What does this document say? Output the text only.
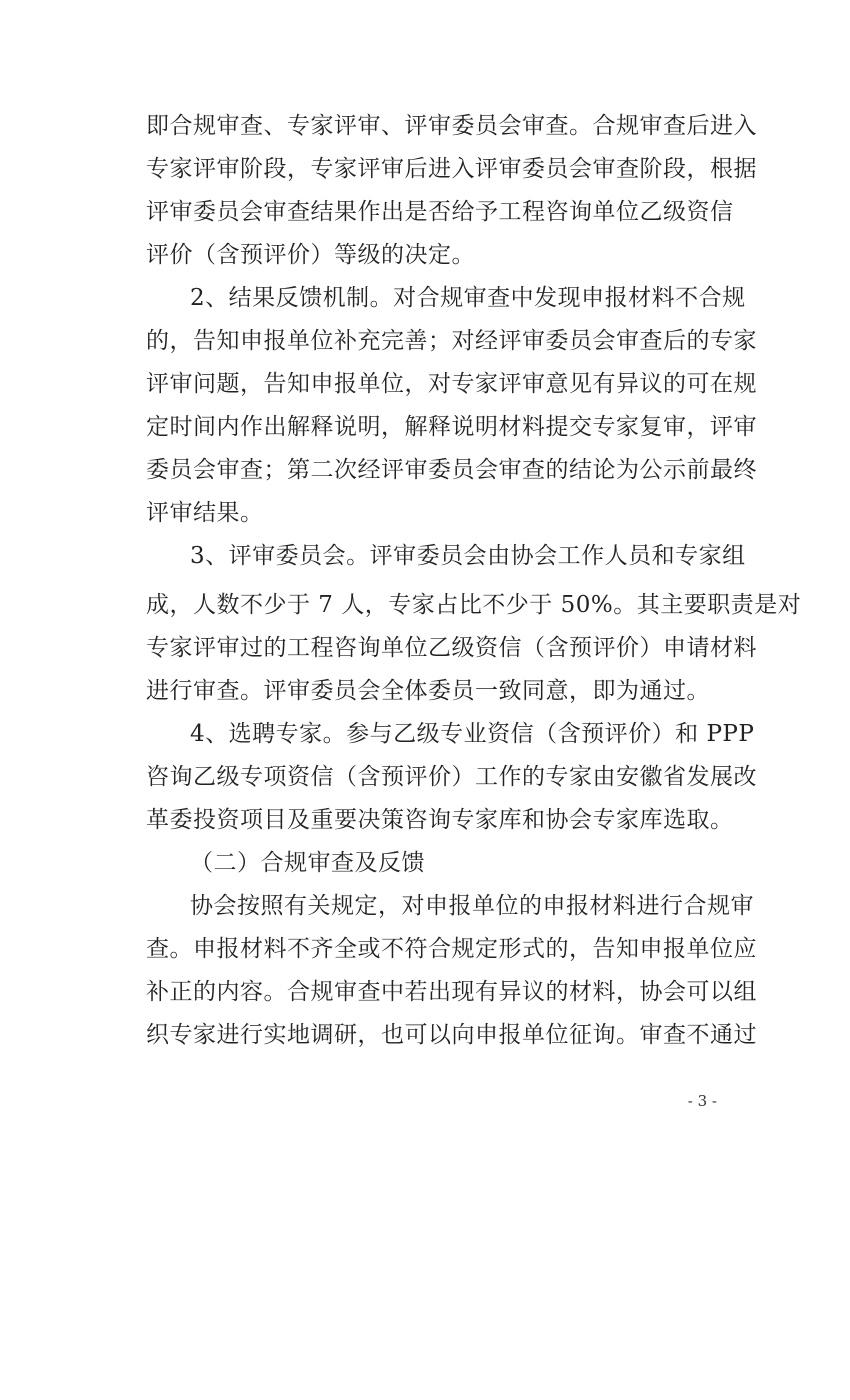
即合规审查、专家评审、评审委员会审查。合规审查后进入
专家评审阶段，专家评审后进入评审委员会审查阶段，根据
评审委员会审查结果作出是否给予工程咨询单位乙级资信
评价（含预评价）等级的决定。
2、结果反馈机制。对合规审查中发现申报材料不合规
的，告知申报单位补充完善；对经评审委员会审查后的专家
评审问题，告知申报单位，对专家评审意见有异议的可在规
定时间内作出解释说明，解释说明材料提交专家复审，评审
委员会审查；第二次经评审委员会审查的结论为公示前最终
评审结果。
3、评审委员会。评审委员会由协会工作人员和专家组
成，人数不少于 7 人，专家占比不少于 50%。其主要职责是对
专家评审过的工程咨询单位乙级资信（含预评价）申请材料
进行审查。评审委员会全体委员一致同意，即为通过。
4、选聘专家。参与乙级专业资信（含预评价）和 PPP
咨询乙级专项资信（含预评价）工作的专家由安徽省发展改
革委投资项目及重要决策咨询专家库和协会专家库选取。
（二）合规审查及反馈
协会按照有关规定，对申报单位的申报材料进行合规审
查。申报材料不齐全或不符合规定形式的，告知申报单位应
补正的内容。合规审查中若出现有异议的材料，协会可以组
织专家进行实地调研，也可以向申报单位征询。审查不通过
- 3 -
